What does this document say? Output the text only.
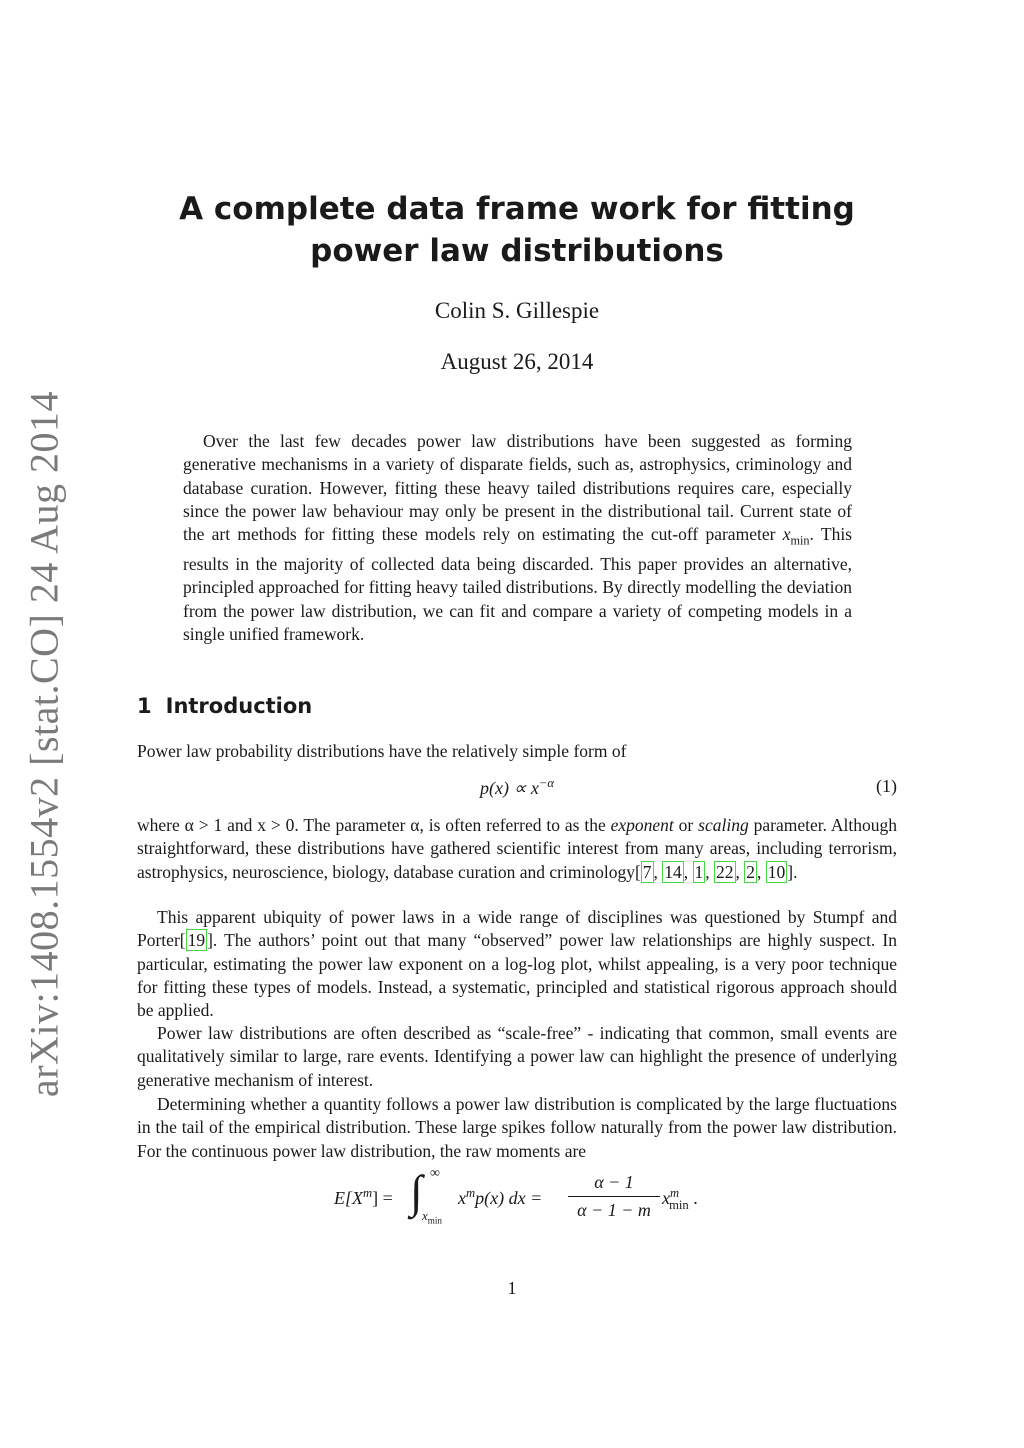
arXiv:1408.1554v2 [stat.CO] 24 Aug 2014
A complete data frame work for fitting power law distributions
Colin S. Gillespie
August 26, 2014

Over the last few decades power law distributions have been suggested as forming generative mechanisms in a variety of disparate fields, such as, astrophysics, criminology and database curation. However, fitting these heavy tailed distributions requires care, especially since the power law behaviour may only be present in the distributional tail. Current state of the art methods for fitting these models rely on estimating the cut-off parameter $x_{min}$. This results in the majority of collected data being discarded. This paper provides an alternative, principled approached for fitting heavy tailed distributions. By directly modelling the deviation from the power law distribution, we can fit and compare a variety of competing models in a single unified framework.

1 Introduction

Power law probability distributions have the relatively simple form of

$p(x) \propto x^{-\alpha}$	(1)

where α > 1 and x > 0. The parameter α, is often referred to as the exponent or scaling parameter. Although straightforward, these distributions have gathered scientific interest from many areas, including terrorism, astrophysics, neuroscience, biology, database curation and criminology[ 7 , 14 , 1 , 22 , 2 , 10 ].

This apparent ubiquity of power laws in a wide range of disciplines was questioned by Stumpf and Porter[ 19 ]. The authors’ point out that many “observed” power law relationships are highly suspect. In particular, estimating the power law exponent on a log-log plot, whilst appealing, is a very poor technique for fitting these types of models. Instead, a systematic, principled and statistical rigorous approach should be applied.

Power law distributions are often described as “scale-free” - indicating that common, small events are qualitatively similar to large, rare events. Identifying a power law can highlight the presence of underlying generative mechanism of interest.

Determining whether a quantity follows a power law distribution is complicated by the large fluctuations in the tail of the empirical distribution. These large spikes follow naturally from the power law distribution. For the continuous power law distribution, the raw moments are

$E[X^m]$ = ∫ ∞
$x_{min}$
$x^mp(x)$ dx =
α − 1
α − 1 − m
$x^m_{min}$ .
1
